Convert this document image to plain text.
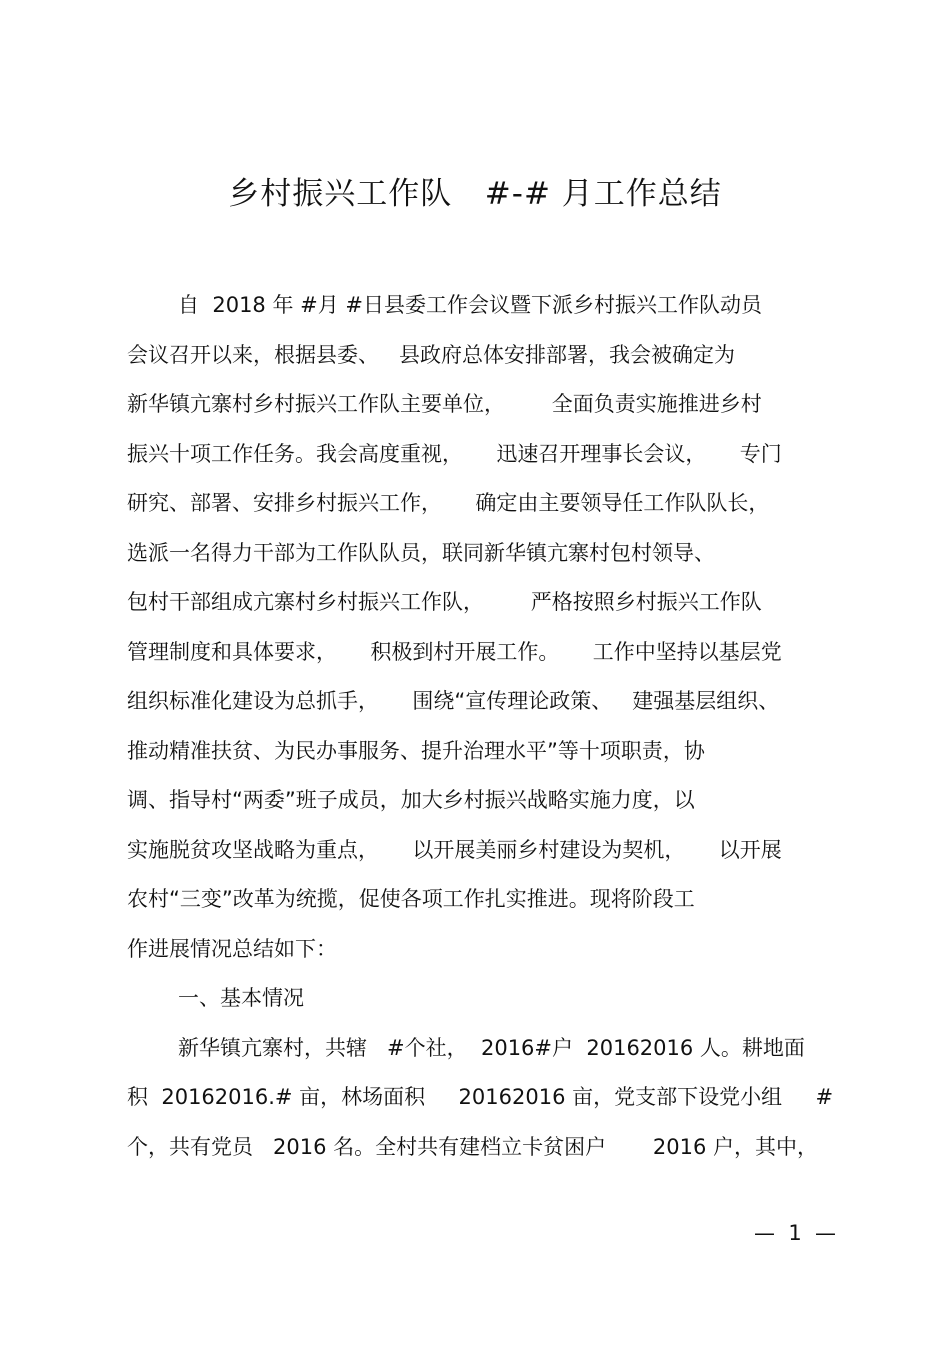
乡村振兴工作队   #-# 月工作总结
自  2018 年 #月 #日县委工作会议暨下派乡村振兴工作队动员
会议召开以来，根据县委、   县政府总体安排部署，我会被确定为
新华镇亢寨村乡村振兴工作队主要单位，       全面负责实施推进乡村
振兴十项工作任务。我会高度重视，     迅速召开理事长会议，     专门
研究、部署、安排乡村振兴工作，     确定由主要领导任工作队队长，
选派一名得力干部为工作队队员，联同新华镇亢寨村包村领导、
包村干部组成亢寨村乡村振兴工作队，       严格按照乡村振兴工作队
管理制度和具体要求，     积极到村开展工作。     工作中坚持以基层党
组织标准化建设为总抓手，     围绕“宣传理论政策、   建强基层组织、
推动精准扶贫、为民办事服务、提升治理水平”等十项职责，协
调、指导村“两委”班子成员，加大乡村振兴战略实施力度，以
实施脱贫攻坚战略为重点，     以开展美丽乡村建设为契机，     以开展
农村“三变”改革为统揽，促使各项工作扎实推进。现将阶段工
作进展情况总结如下：
一、基本情况
新华镇亢寨村，共辖   #个社，  2016#户  20162016 人。耕地面
积  20162016.# 亩，林场面积     20162016 亩，党支部下设党小组     #
个，共有党员   2016 名。全村共有建档立卡贫困户       2016 户，其中，
—  1  —
